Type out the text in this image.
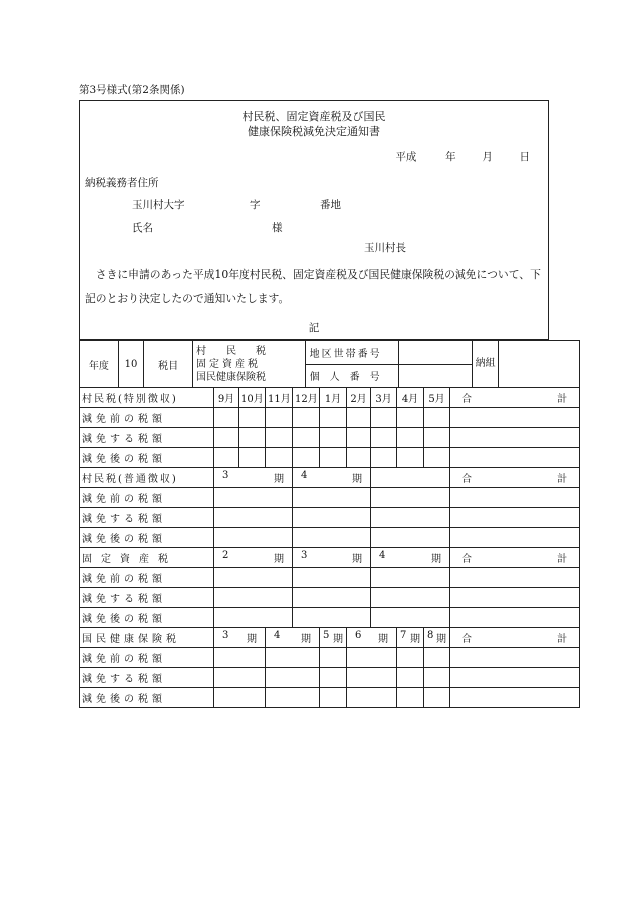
第3号様式(第2条関係)
村民税、固定資産税及び国民
健康保険税減免決定通知書
平成	年	月	日
納税義務者住所
玉川村大字	字	番地
氏名	様
玉川村長
　さきに申請のあった平成10年度村民税、固定資産税及び国民健康保険税の減免について、下記のとおり決定したので通知いたします。
記
年度	10	税目	
村　　民　　税
固定資産税
国民健康保険税
	地区世帯番号		納組	
個　人　番　号	

村民税(特別徴収)	9月	10月	11月	12月	1月	2月	3月	4月	5月	合	計

減免前の税額										
減免する税額										
減免後の税額										
村民税(普通徴収)	3	期	4	期		合	計

減免前の税額				
減免する税額				
減免後の税額				
固定資産税	2	期	3	期	4	期	合	計

減免前の税額				
減免する税額				
減免後の税額				
国民健康保険税	3 期	4 期	5 期	6 期	7 期	8 期	合	計

減免前の税額							
減免する税額							
減免後の税額							
